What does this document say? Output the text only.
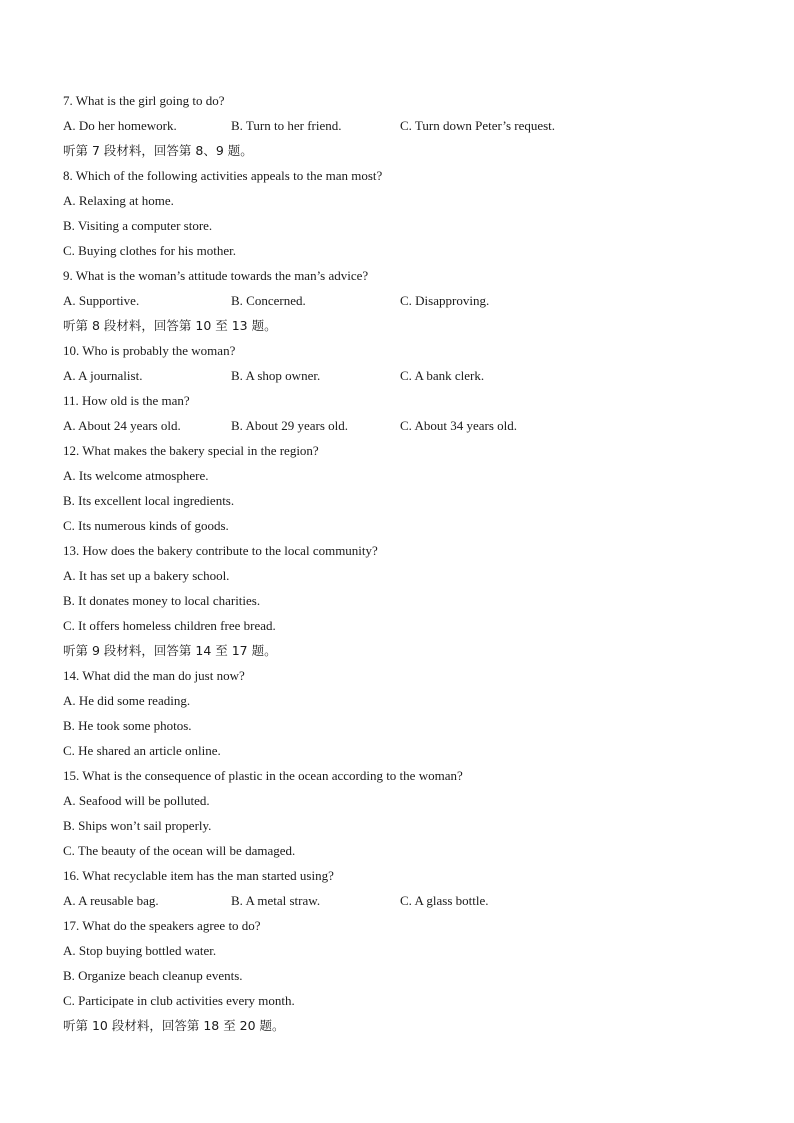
7. What is the girl going to do?
A. Do her homework.	B. Turn to her friend.	C. Turn down Peter’s request.
听第 7 段材料，回答第 8、9 题。
8. Which of the following activities appeals to the man most?
A. Relaxing at home.
B. Visiting a computer store.
C. Buying clothes for his mother.
9. What is the woman’s attitude towards the man’s advice?
A. Supportive.	B. Concerned.	C. Disapproving.
听第 8 段材料，回答第 10 至 13 题。
10. Who is probably the woman?
A. A journalist.	B. A shop owner.	C. A bank clerk.
11. How old is the man?
A. About 24 years old.	B. About 29 years old.	C. About 34 years old.
12. What makes the bakery special in the region?
A. Its welcome atmosphere.
B. Its excellent local ingredients.
C. Its numerous kinds of goods.
13. How does the bakery contribute to the local community?
A. It has set up a bakery school.
B. It donates money to local charities.
C. It offers homeless children free bread.
听第 9 段材料，回答第 14 至 17 题。
14. What did the man do just now?
A. He did some reading.
B. He took some photos.
C. He shared an article online.
15. What is the consequence of plastic in the ocean according to the woman?
A. Seafood will be polluted.
B. Ships won’t sail properly.
C. The beauty of the ocean will be damaged.
16. What recyclable item has the man started using?
A. A reusable bag.	B. A metal straw.	C. A glass bottle.
17. What do the speakers agree to do?
A. Stop buying bottled water.
B. Organize beach cleanup events.
C. Participate in club activities every month.
听第 10 段材料，回答第 18 至 20 题。
